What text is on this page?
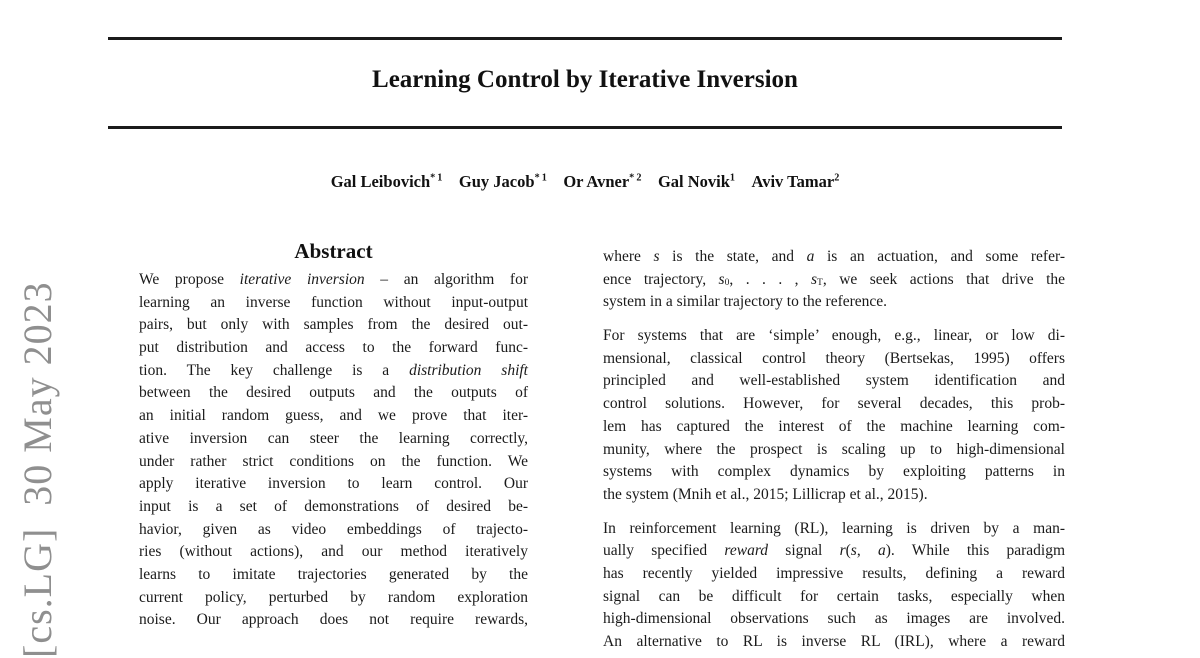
[cs.LG]  30 May 2023
Learning Control by Iterative Inversion
Gal Leibovich$^{* 1}$ Guy Jacob$^{* 1}$ Or Avner$^{* 2}$ Gal Novik$^1$ Aviv Tamar$^2$
Abstract
We propose iterative inversion – an algorithm for
learning an inverse function without input-output
pairs, but only with samples from the desired out-
put distribution and access to the forward func-
tion. The key challenge is a distribution shift
between the desired outputs and the outputs of
an initial random guess, and we prove that iter-
ative inversion can steer the learning correctly,
under rather strict conditions on the function. We
apply iterative inversion to learn control. Our
input is a set of demonstrations of desired be-
havior, given as video embeddings of trajecto-
ries (without actions), and our method iteratively
learns to imitate trajectories generated by the
current policy, perturbed by random exploration
noise. Our approach does not require rewards,
where s is the state, and a is an actuation, and some refer-
ence trajectory, $s_0$, . . . , $s_T$, we seek actions that drive the
system in a similar trajectory to the reference.
For systems that are ‘simple’ enough, e.g., linear, or low di-
mensional, classical control theory (Bertsekas, 1995) offers
principled and well-established system identification and
control solutions. However, for several decades, this prob-
lem has captured the interest of the machine learning com-
munity, where the prospect is scaling up to high-dimensional
systems with complex dynamics by exploiting patterns in
the system (Mnih et al., 2015; Lillicrap et al., 2015).
In reinforcement learning (RL), learning is driven by a man-
ually specified reward signal r(s, a). While this paradigm
has recently yielded impressive results, defining a reward
signal can be difficult for certain tasks, especially when
high-dimensional observations such as images are involved.
An alternative to RL is inverse RL (IRL), where a reward
